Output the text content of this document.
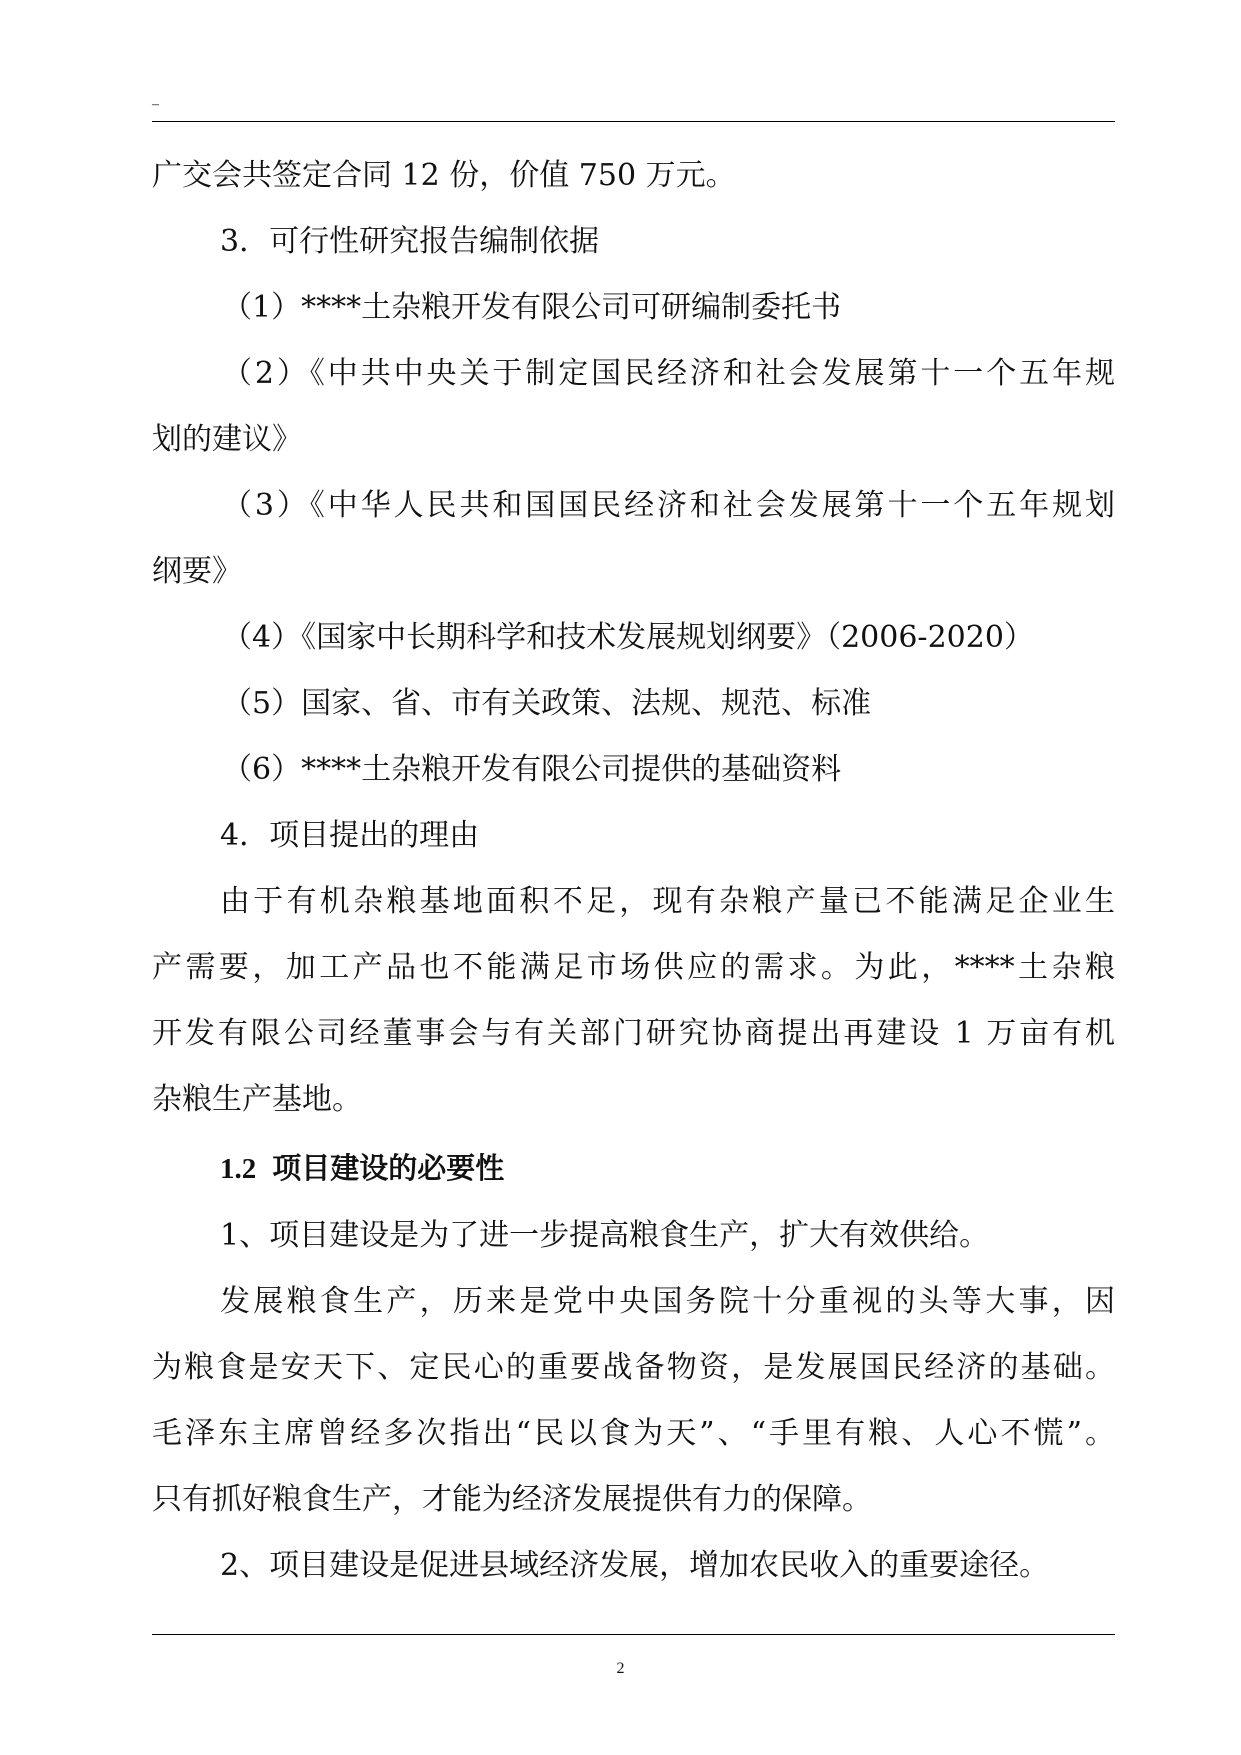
–
广交会共签定合同 12 份，价值 750 万元。
3．可行性研究报告编制依据
（1）****土杂粮开发有限公司可研编制委托书
（2）《中共中央关于制定国民经济和社会发展第十一个五年规
划的建议》
（3）《中华人民共和国国民经济和社会发展第十一个五年规划
纲要》
（4）《国家中长期科学和技术发展规划纲要》（2006-2020）
（5）国家、省、市有关政策、法规、规范、标准
（6）****土杂粮开发有限公司提供的基础资料
4．项目提出的理由
由于有机杂粮基地面积不足，现有杂粮产量已不能满足企业生
产需要，加工产品也不能满足市场供应的需求。为此，****土杂粮
开发有限公司经董事会与有关部门研究协商提出再建设 1 万亩有机
杂粮生产基地。
1.2 项目建设的必要性
1、项目建设是为了进一步提高粮食生产，扩大有效供给。
发展粮食生产，历来是党中央国务院十分重视的头等大事，因
为粮食是安天下、定民心的重要战备物资，是发展国民经济的基础。
毛泽东主席曾经多次指出“民以食为天”、“手里有粮、人心不慌”。
只有抓好粮食生产，才能为经济发展提供有力的保障。
2、项目建设是促进县域经济发展，增加农民收入的重要途径。
2
